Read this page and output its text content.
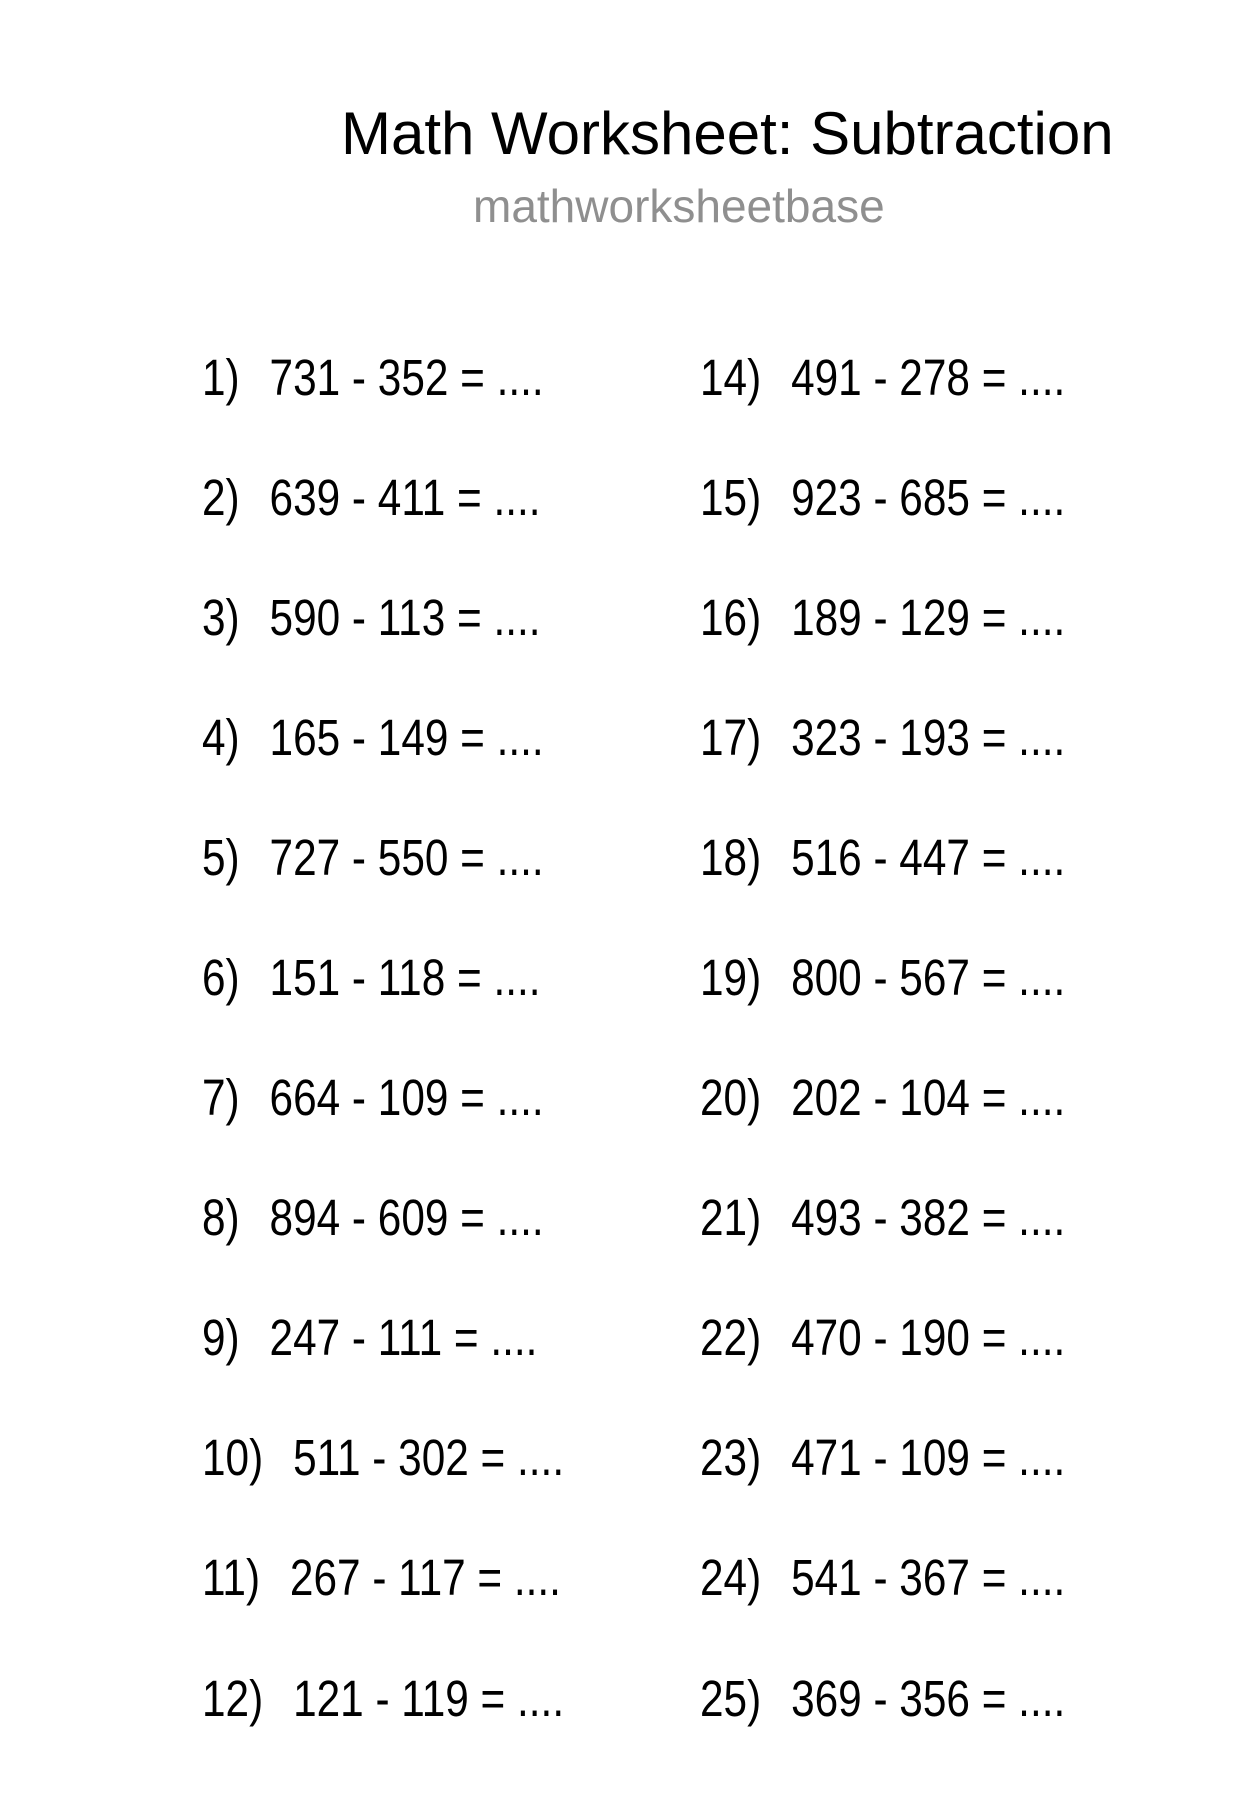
Math Worksheet: Subtraction
mathworksheetbase
1) 731 - 352 = ....
2) 639 - 411 = ....
3) 590 - 113 = ....
4) 165 - 149 = ....
5) 727 - 550 = ....
6) 151 - 118 = ....
7) 664 - 109 = ....
8) 894 - 609 = ....
9) 247 - 111 = ....
10) 511 - 302 = ....
11) 267 - 117 = ....
12) 121 - 119 = ....
14) 491 - 278 = ....
15) 923 - 685 = ....
16) 189 - 129 = ....
17) 323 - 193 = ....
18) 516 - 447 = ....
19) 800 - 567 = ....
20) 202 - 104 = ....
21) 493 - 382 = ....
22) 470 - 190 = ....
23) 471 - 109 = ....
24) 541 - 367 = ....
25) 369 - 356 = ....
